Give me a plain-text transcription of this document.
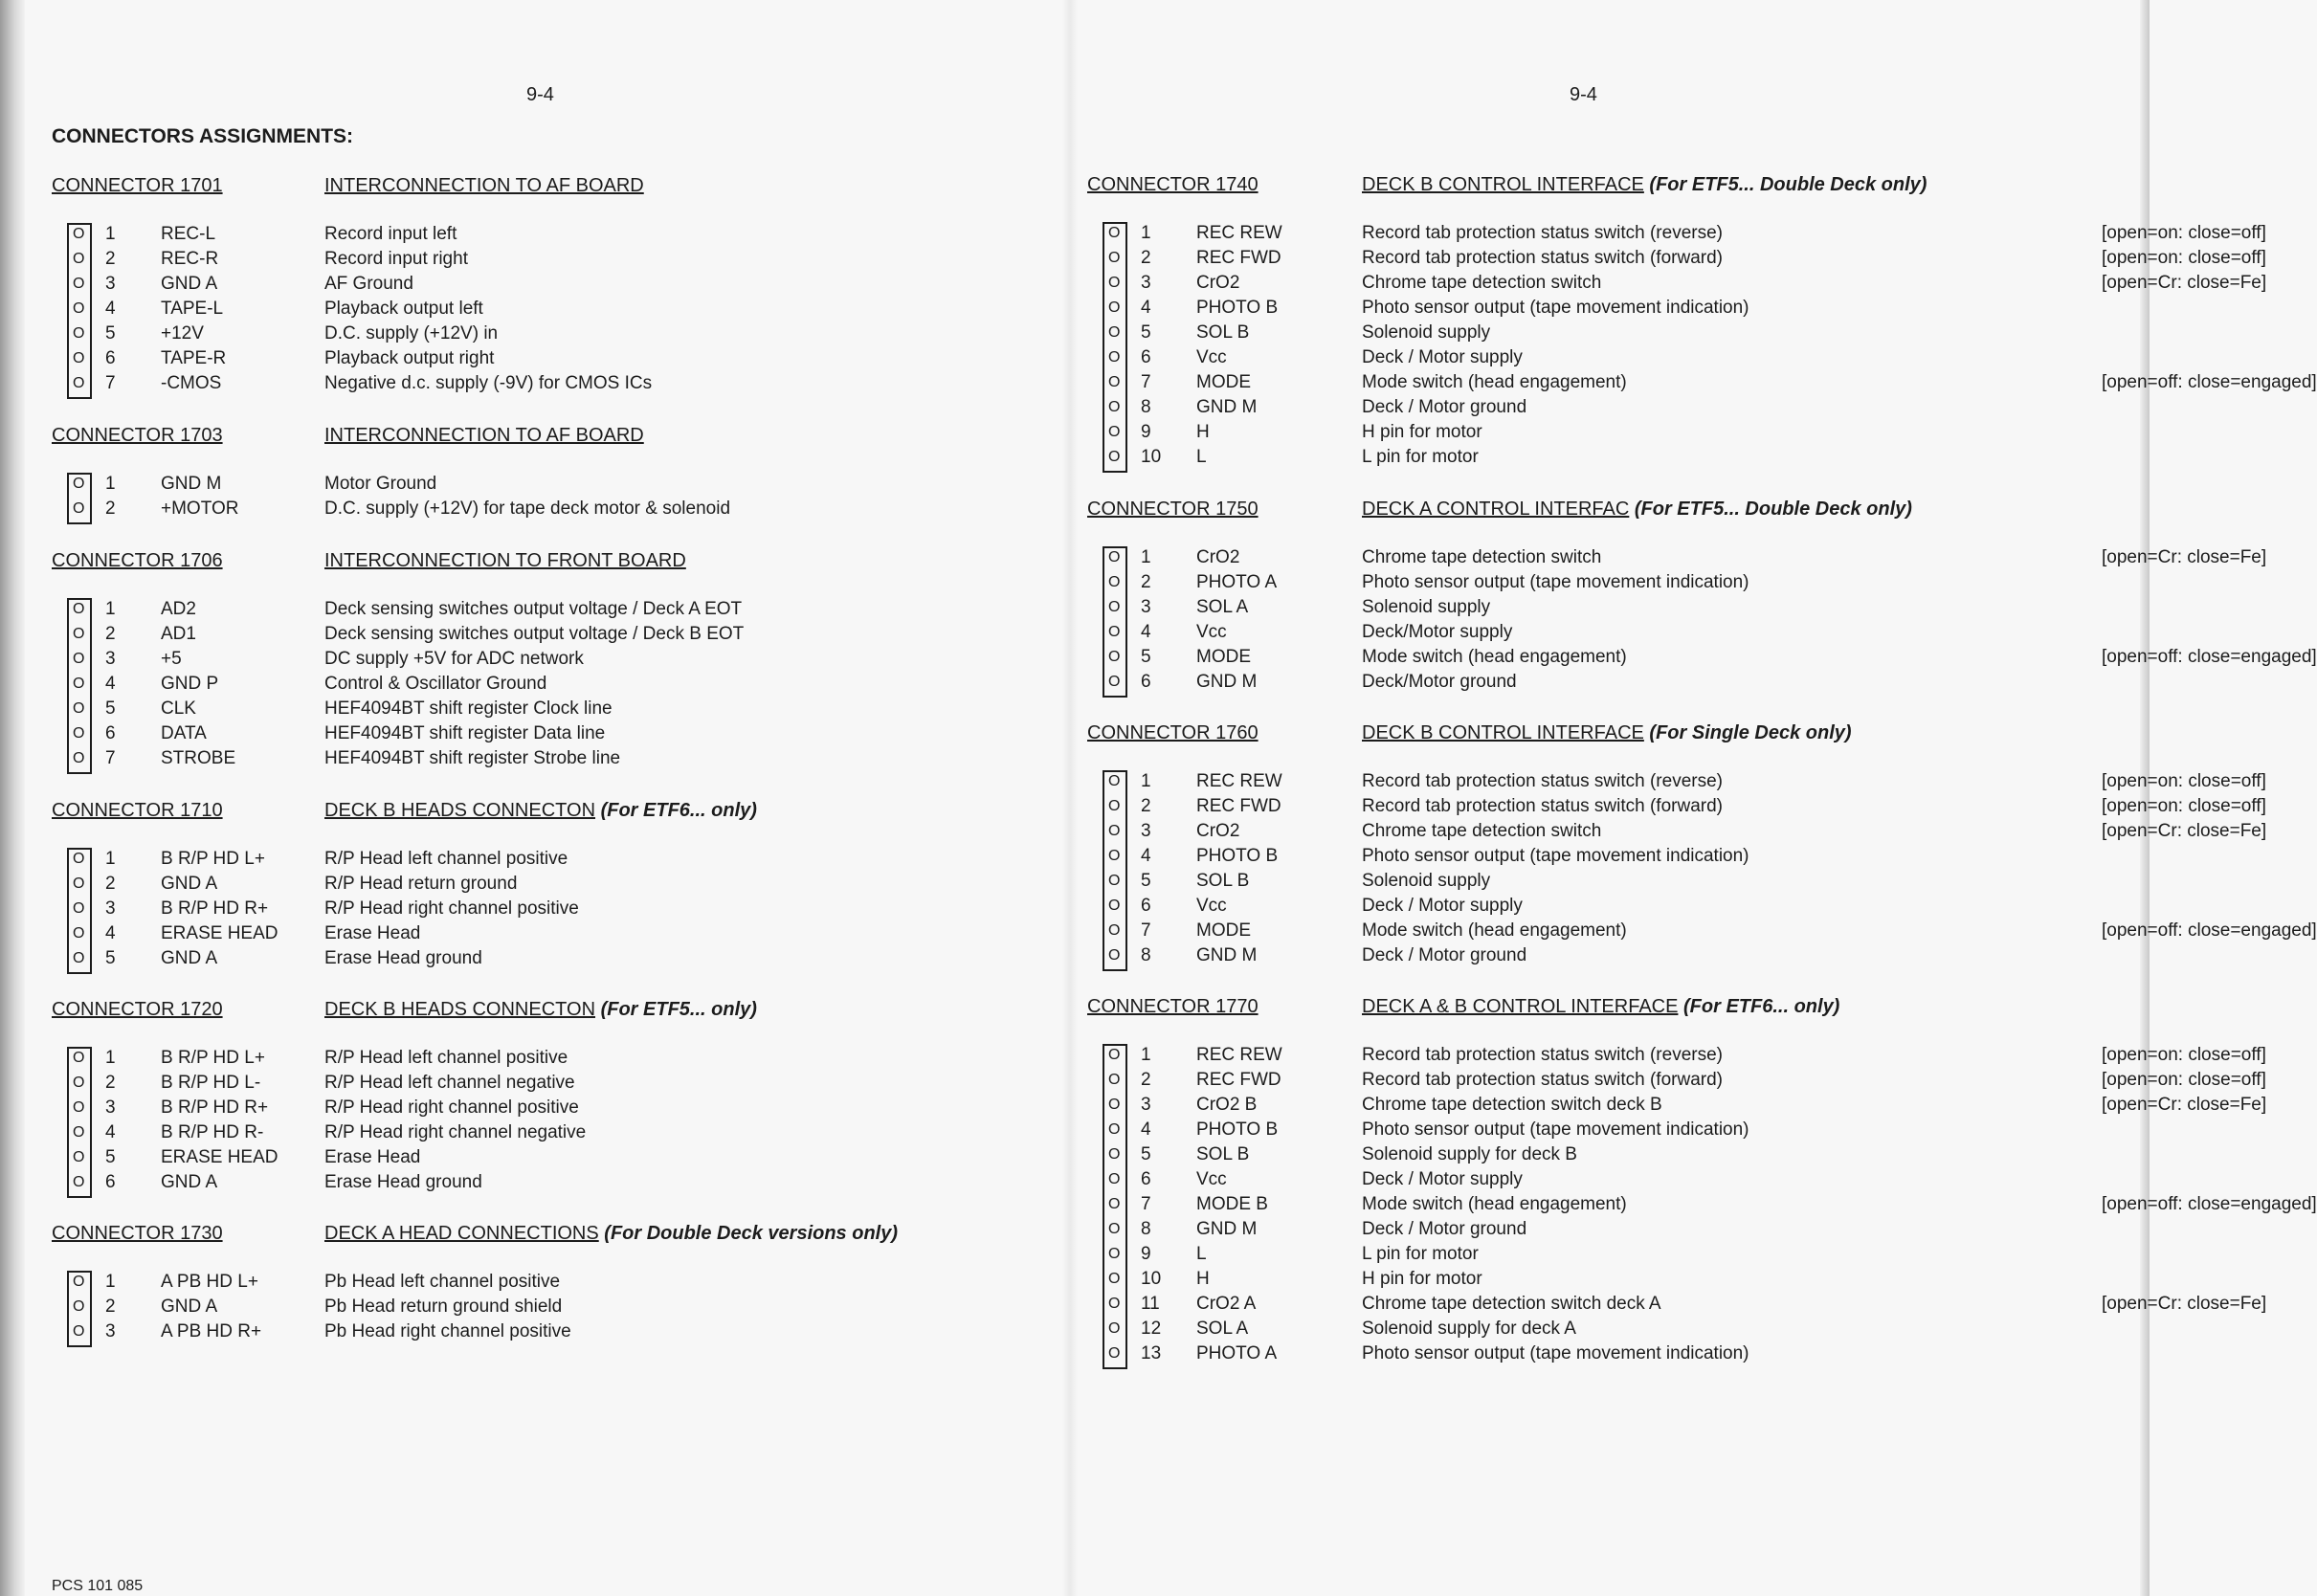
9-4	9-4
CONNECTORS ASSIGNMENTS:
CONNECTOR 1701	INTERCONNECTION TO AF BOARD
O 1 REC-L	Record input left
O 2 REC-R	Record input right
O 3 GND A	AF Ground
O 4 TAPE-L	Playback output left
O 5 +12V	D.C. supply (+12V) in
O 6 TAPE-R	Playback output right
O 7 -CMOS	Negative d.c. supply (-9V) for CMOS ICs
CONNECTOR 1703	INTERCONNECTION TO AF BOARD
O 1 GND M	Motor Ground
O 2 +MOTOR	D.C. supply (+12V) for tape deck motor & solenoid
CONNECTOR 1706	INTERCONNECTION TO FRONT BOARD
O 1 AD2	Deck sensing switches output voltage / Deck A EOT
O 2 AD1	Deck sensing switches output voltage / Deck B EOT
O 3 +5	DC supply +5V for ADC network
O 4 GND P	Control & Oscillator Ground
O 5 CLK	HEF4094BT shift register Clock line
O 6 DATA	HEF4094BT shift register Data line
O 7 STROBE	HEF4094BT shift register Strobe line
CONNECTOR 1710	DECK B HEADS CONNECTON (For ETF6... only)
O 1 B R/P HD L+	R/P Head left channel positive
O 2 GND A	R/P Head return ground
O 3 B R/P HD R+	R/P Head right channel positive
O 4 ERASE HEAD	Erase Head
O 5 GND A	Erase Head ground
CONNECTOR 1720	DECK B HEADS CONNECTON (For ETF5... only)
O 1 B R/P HD L+	R/P Head left channel positive
O 2 B R/P HD L-	R/P Head left channel negative
O 3 B R/P HD R+	R/P Head right channel positive
O 4 B R/P HD R-	R/P Head right channel negative
O 5 ERASE HEAD	Erase Head
O 6 GND A	Erase Head ground
CONNECTOR 1730	DECK A HEAD CONNECTIONS (For Double Deck versions only)
O 1 A PB HD L+	Pb Head left channel positive
O 2 GND A	Pb Head return ground shield
O 3 A PB HD R+	Pb Head right channel positive
CONNECTOR 1740	DECK B CONTROL INTERFACE (For ETF5... Double Deck only)
O 1 REC REW	Record tab protection status switch (reverse)	[open=on: close=off]
O 2 REC FWD	Record tab protection status switch (forward)	[open=on: close=off]
O 3 CrO2	Chrome tape detection switch	[open=Cr: close=Fe]
O 4 PHOTO B	Photo sensor output (tape movement indication)
O 5 SOL B	Solenoid supply
O 6 Vcc	Deck / Motor supply
O 7 MODE	Mode switch (head engagement)	[open=off: close=engaged]
O 8 GND M	Deck / Motor ground
O 9 H	H pin for motor
O 10 L	L pin for motor
CONNECTOR 1750	DECK A CONTROL INTERFAC (For ETF5... Double Deck only)
O 1 CrO2	Chrome tape detection switch	[open=Cr: close=Fe]
O 2 PHOTO A	Photo sensor output (tape movement indication)
O 3 SOL A	Solenoid supply
O 4 Vcc	Deck/Motor supply
O 5 MODE	Mode switch (head engagement)	[open=off: close=engaged]
O 6 GND M	Deck/Motor ground
CONNECTOR 1760	DECK B CONTROL INTERFACE (For Single Deck only)
O 1 REC REW	Record tab protection status switch (reverse)	[open=on: close=off]
O 2 REC FWD	Record tab protection status switch (forward)	[open=on: close=off]
O 3 CrO2	Chrome tape detection switch	[open=Cr: close=Fe]
O 4 PHOTO B	Photo sensor output (tape movement indication)
O 5 SOL B	Solenoid supply
O 6 Vcc	Deck / Motor supply
O 7 MODE	Mode switch (head engagement)	[open=off: close=engaged]
O 8 GND M	Deck / Motor ground
CONNECTOR 1770	DECK A & B CONTROL INTERFACE (For ETF6... only)
O 1 REC REW	Record tab protection status switch (reverse)	[open=on: close=off]
O 2 REC FWD	Record tab protection status switch (forward)	[open=on: close=off]
O 3 CrO2 B	Chrome tape detection switch deck B	[open=Cr: close=Fe]
O 4 PHOTO B	Photo sensor output (tape movement indication)
O 5 SOL B	Solenoid supply for deck B
O 6 Vcc	Deck / Motor supply
O 7 MODE B	Mode switch (head engagement)	[open=off: close=engaged]
O 8 GND M	Deck / Motor ground
O 9 L	L pin for motor
O 10 H	H pin for motor
O 11 CrO2 A	Chrome tape detection switch deck A	[open=Cr: close=Fe]
O 12 SOL A	Solenoid supply for deck A
O 13 PHOTO A	Photo sensor output (tape movement indication)
PCS 101 085
